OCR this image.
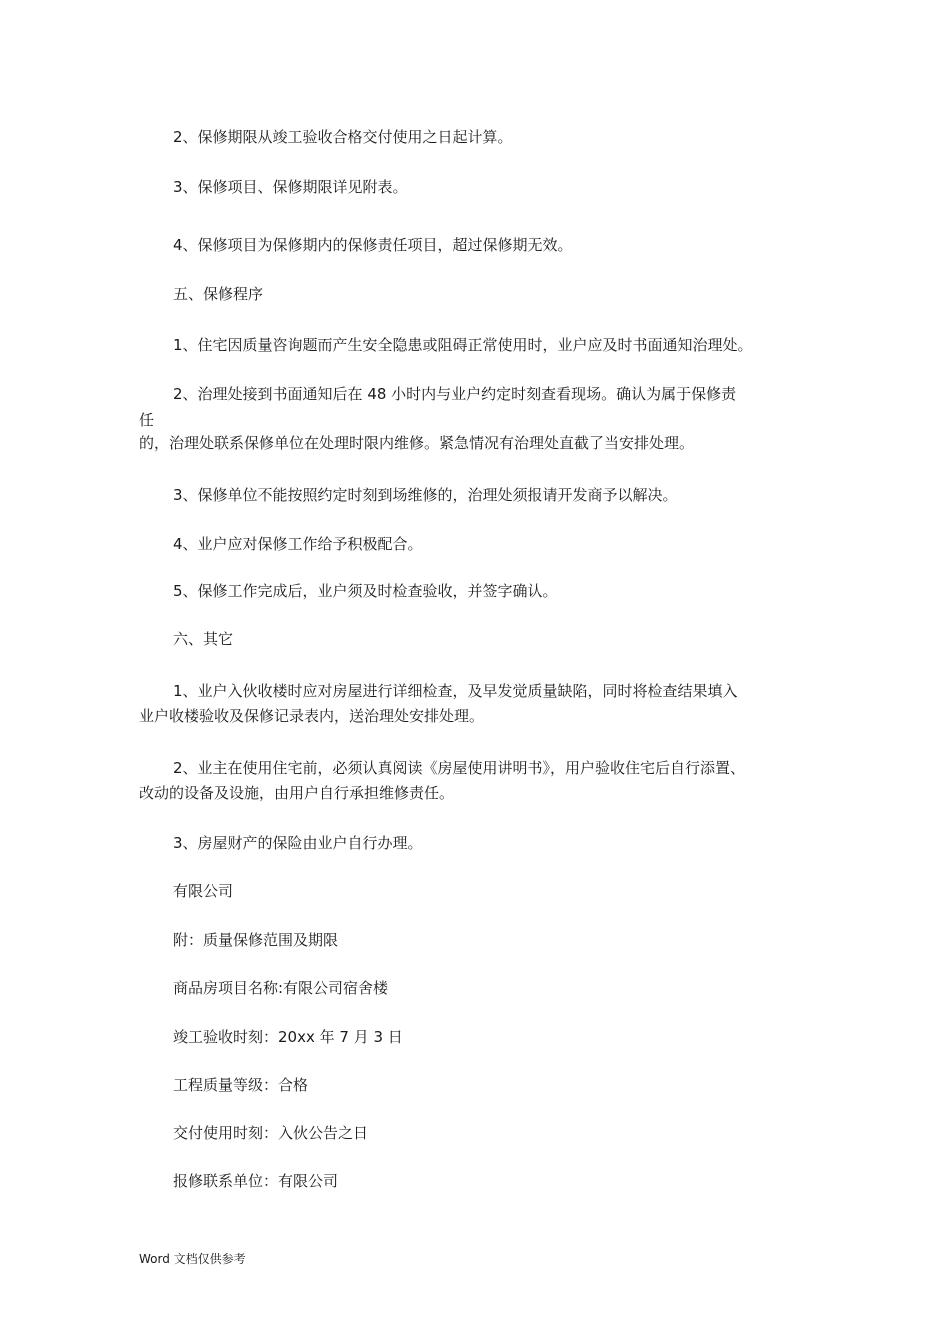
2、保修期限从竣工验收合格交付使用之日起计算。
3、保修项目、保修期限详见附表。
4、保修项目为保修期内的保修责任项目，超过保修期无效。
五、保修程序
1、住宅因质量咨询题而产生安全隐患或阻碍正常使用时，业户应及时书面通知治理处。
2、治理处接到书面通知后在 48 小时内与业户约定时刻查看现场。确认为属于保修责
任
的，治理处联系保修单位在处理时限内维修。紧急情况有治理处直截了当安排处理。
3、保修单位不能按照约定时刻到场维修的，治理处须报请开发商予以解决。
4、业户应对保修工作给予积极配合。
5、保修工作完成后，业户须及时检查验收，并签字确认。
六、其它
1、业户入伙收楼时应对房屋进行详细检查，及早发觉质量缺陷，同时将检查结果填入
业户收楼验收及保修记录表内，送治理处安排处理。
2、业主在使用住宅前，必须认真阅读《房屋使用讲明书》，用户验收住宅后自行添置、
改动的设备及设施，由用户自行承担维修责任。
3、房屋财产的保险由业户自行办理。
有限公司
附：质量保修范围及期限
商品房项目名称:有限公司宿舍楼
竣工验收时刻：20xx 年 7 月 3 日
工程质量等级：合格
交付使用时刻：入伙公告之日
报修联系单位：有限公司
Word 文档仅供参考
